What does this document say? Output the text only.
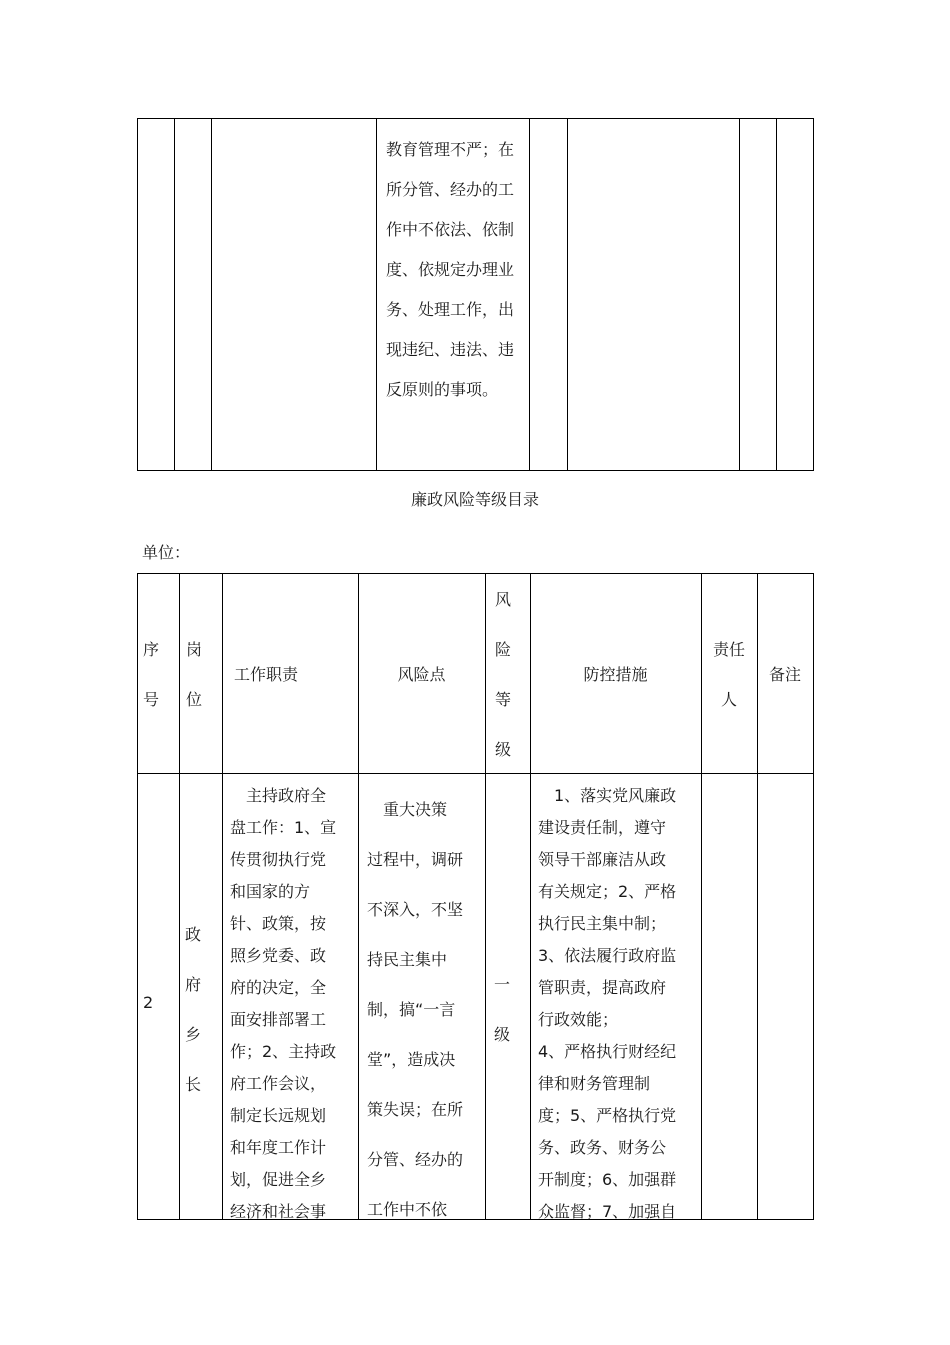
教育管理不严；在
所分管、经办的工
作中不依法、依制
度、依规定办理业
务、处理工作，出
现违纪、违法、违
反原则的事项。
廉政风险等级目录
单位：
序
号
岗
位
工作职责	风险点
风
险
等
级
防控措施
责任
人
备注
2
政
府
乡
长
　主持政府全
盘工作：1、宣
传贯彻执行党
和国家的方
针、政策，按
照乡党委、政
府的决定，全
面安排部署工
作；2、主持政
府工作会议，
制定长远规划
和年度工作计
划，促进全乡
经济和社会事
　重大决策
过程中，调研
不深入，不坚
持民主集中
制，搞“一言
堂”，造成决
策失误；在所
分管、经办的
工作中不依
一
级
　1、落实党风廉政
建设责任制，遵守
领导干部廉洁从政
有关规定；2、严格
执行民主集中制；
3、依法履行政府监
管职责，提高政府
行政效能；
4、严格执行财经纪
律和财务管理制
度；5、严格执行党
务、政务、财务公
开制度；6、加强群
众监督；7、加强自
